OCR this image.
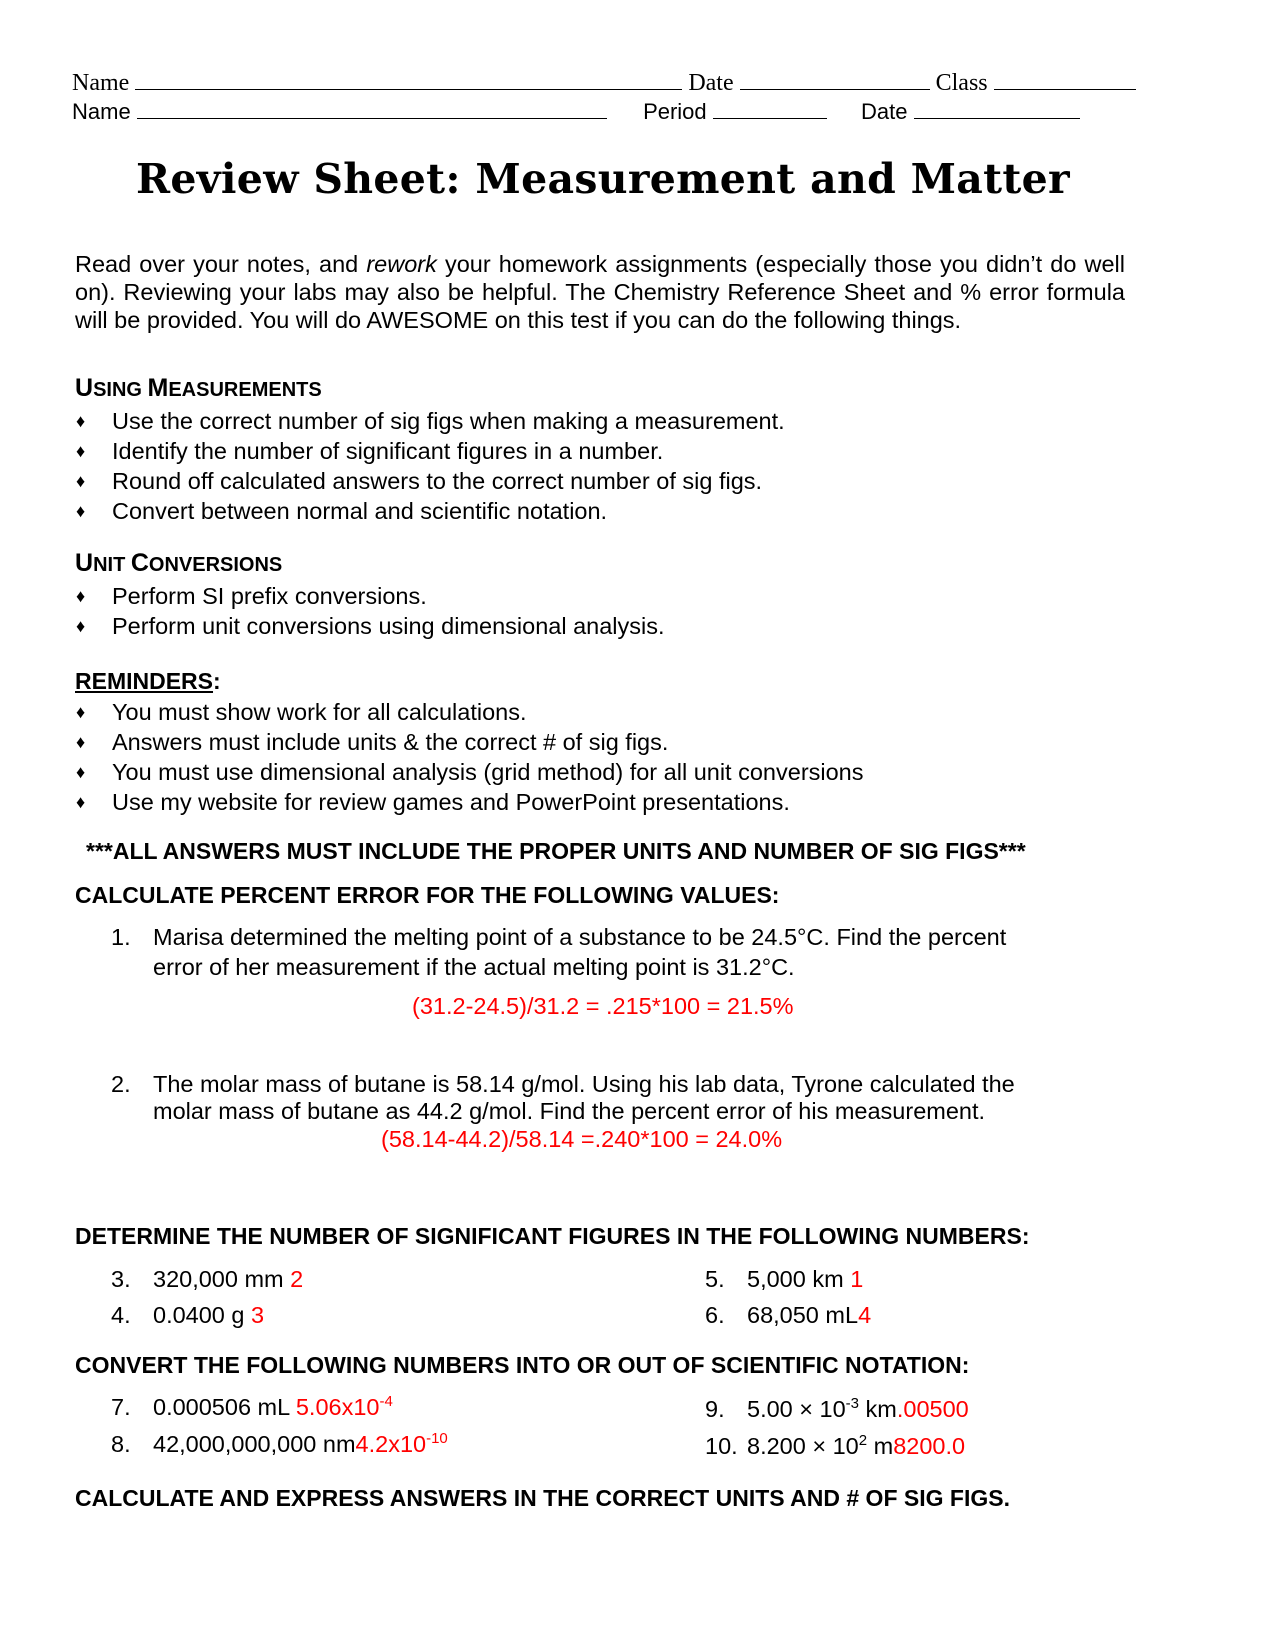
Name	Date	Class
Name	Period	Date
Review Sheet: Measurement and Matter
Read over your notes, and rework your homework assignments (especially those you didn’t do well on). Reviewing your labs may also be helpful. The Chemistry Reference Sheet and % error formula will be provided. You will do AWESOME on this test if you can do the following things.
USING MEASUREMENTS
♦ Use the correct number of sig figs when making a measurement.
♦ Identify the number of significant figures in a number.
♦ Round off calculated answers to the correct number of sig figs.
♦ Convert between normal and scientific notation.
UNIT CONVERSIONS
♦ Perform SI prefix conversions.
♦ Perform unit conversions using dimensional analysis.
REMINDERS:
♦ You must show work for all calculations.
♦ Answers must include units & the correct # of sig figs.
♦ You must use dimensional analysis (grid method) for all unit conversions
♦ Use my website for review games and PowerPoint presentations.
***ALL ANSWERS MUST INCLUDE THE PROPER UNITS AND NUMBER OF SIG FIGS***
CALCULATE PERCENT ERROR FOR THE FOLLOWING VALUES:
1. Marisa determined the melting point of a substance to be 24.5°C. Find the percent
error of her measurement if the actual melting point is 31.2°C.
(31.2-24.5)/31.2 = .215*100 = 21.5%
2. The molar mass of butane is 58.14 g/mol. Using his lab data, Tyrone calculated the
molar mass of butane as 44.2 g/mol. Find the percent error of his measurement.
(58.14-44.2)/58.14 =.240*100 = 24.0%
DETERMINE THE NUMBER OF SIGNIFICANT FIGURES IN THE FOLLOWING NUMBERS:
3. 320,000 mm 2
4. 0.0400 g 3
5. 5,000 km 1
6. 68,050 mL4
CONVERT THE FOLLOWING NUMBERS INTO OR OUT OF SCIENTIFIC NOTATION:
7. 0.000506 mL $5.06x10^{-4}$
8. 42,000,000,000 $nm4.2x10^{-10}$
9. $5.00 \times 10^{-3}$ km.00500
10. $8.200 \times 10^2$ m8200.0
CALCULATE AND EXPRESS ANSWERS IN THE CORRECT UNITS AND # OF SIG FIGS.
